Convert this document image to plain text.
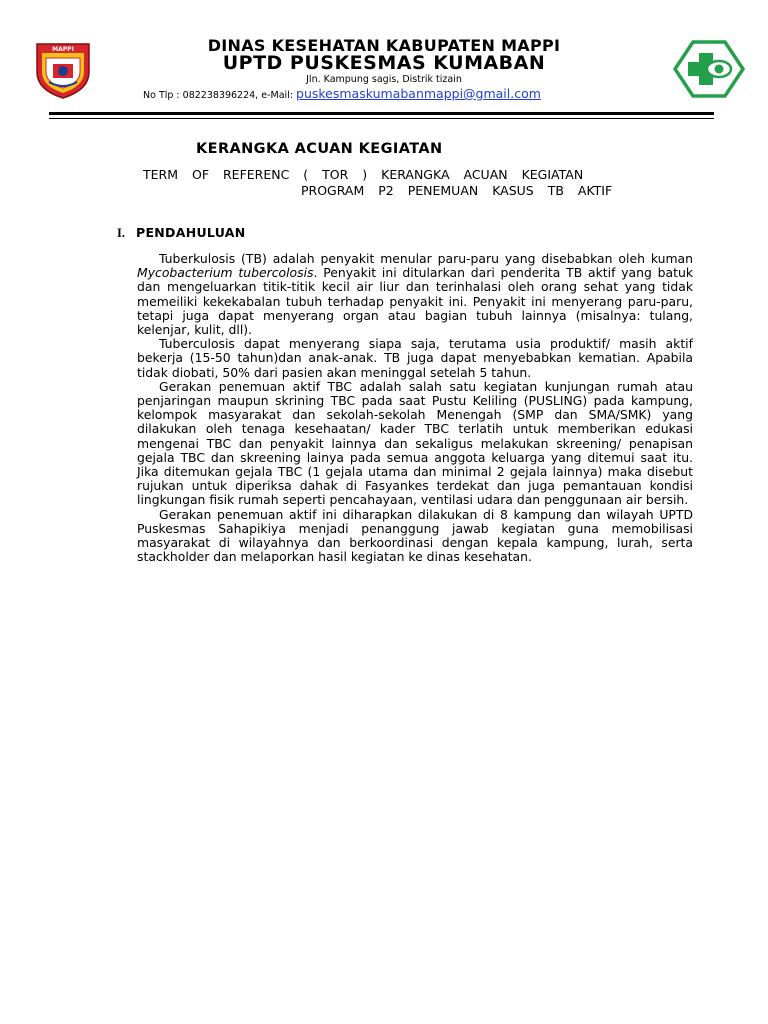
MAPPI	DINAS KESEHATAN KABUPATEN MAPPI
UPTD PUSKESMAS KUMABAN
Jln. Kampung sagis, Distrik tizain
No Tlp : 082238396224, e-Mail: puskesmaskumabanmappi@gmail.com
KERANGKA ACUAN KEGIATAN
TERM OF REFERENC ( TOR ) KERANGKA ACUAN KEGIATAN
PROGRAM P2 PENEMUAN KASUS TB AKTIF
I. PENDAHULUAN

Tuberkulosis (TB) adalah penyakit menular paru-paru yang disebabkan oleh kuman Mycobacterium tubercolosis. Penyakit ini ditularkan dari penderita TB aktif yang batuk dan mengeluarkan titik-titik kecil air liur dan terinhalasi oleh orang sehat yang tidak memeiliki kekekabalan tubuh terhadap penyakit ini. Penyakit ini menyerang paru-paru, tetapi juga dapat menyerang organ atau bagian tubuh lainnya (misalnya: tulang, kelenjar, kulit, dll).

Tuberculosis dapat menyerang siapa saja, terutama usia produktif/ masih aktif bekerja (15-50 tahun)dan anak-anak. TB juga dapat menyebabkan kematian. Apabila tidak diobati, 50% dari pasien akan meninggal setelah 5 tahun.

Gerakan penemuan aktif TBC adalah salah satu kegiatan kunjungan rumah atau penjaringan maupun skrining TBC pada saat Pustu Keliling (PUSLING) pada kampung, kelompok masyarakat dan sekolah-sekolah Menengah (SMP dan SMA/SMK) yang dilakukan oleh tenaga kesehaatan/ kader TBC terlatih untuk memberikan edukasi mengenai TBC dan penyakit lainnya dan sekaligus melakukan skreening/ penapisan gejala TBC dan skreening lainya pada semua anggota keluarga yang ditemui saat itu. Jika ditemukan gejala TBC (1 gejala utama dan minimal 2 gejala lainnya) maka disebut rujukan untuk diperiksa dahak di Fasyankes terdekat dan juga pemantauan kondisi lingkungan fisik rumah seperti pencahayaan, ventilasi udara dan penggunaan air bersih.

Gerakan penemuan aktif ini diharapkan dilakukan di 8 kampung dan wilayah UPTD Puskesmas Sahapikiya menjadi penanggung jawab kegiatan guna memobilisasi masyarakat di wilayahnya dan berkoordinasi dengan kepala kampung, lurah, serta stackholder dan melaporkan hasil kegiatan ke dinas kesehatan.
